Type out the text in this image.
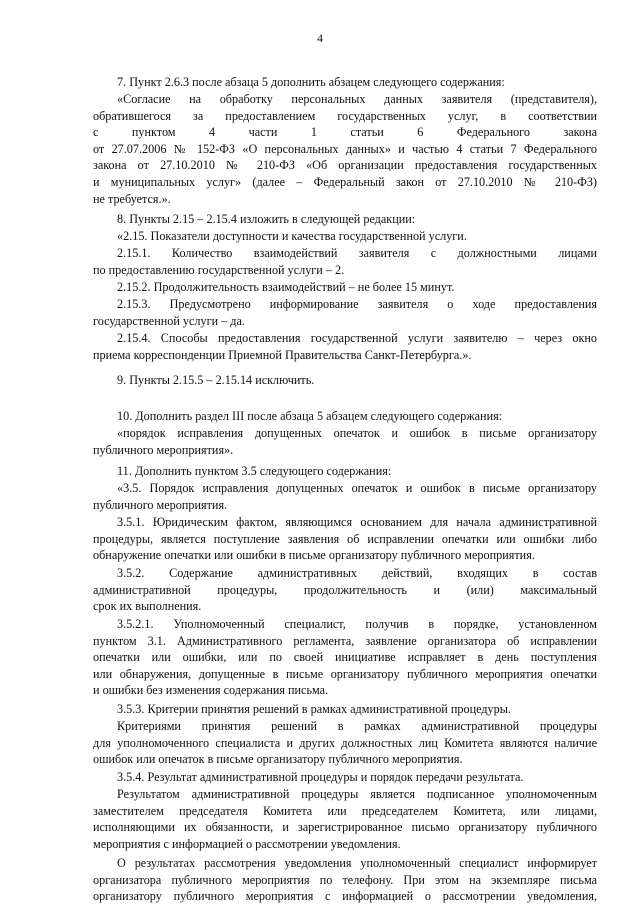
4
7. Пункт 2.6.3 после абзаца 5 дополнить абзацем следующего содержания:
«Согласие на обработку персональных данных заявителя (представителя),
обратившегося за предоставлением государственных услуг, в соответствии
с пунктом 4 части 1 статьи 6 Федерального закона
от 27.07.2006 № 152-ФЗ «О персональных данных» и частью 4 статьи 7 Федерального
закона от 27.10.2010 № 210-ФЗ «Об организации предоставления государственных
и муниципальных услуг» (далее – Федеральный закон от 27.10.2010 № 210-ФЗ)
не требуется.».
8. Пункты 2.15 – 2.15.4 изложить в следующей редакции:
«2.15. Показатели доступности и качества государственной услуги.
2.15.1. Количество взаимодействий заявителя с должностными лицами
по предоставлению государственной услуги – 2.
2.15.2. Продолжительность взаимодействий – не более 15 минут.
2.15.3. Предусмотрено информирование заявителя о ходе предоставления
государственной услуги – да.
2.15.4. Способы предоставления государственной услуги заявителю – через окно
приема корреспонденции Приемной Правительства Санкт-Петербурга.».
9. Пункты 2.15.5 – 2.15.14 исключить.
10. Дополнить раздел III после абзаца 5 абзацем следующего содержания:
«порядок исправления допущенных опечаток и ошибок в письме организатору
публичного мероприятия».
11. Дополнить пунктом 3.5 следующего содержания:
«3.5. Порядок исправления допущенных опечаток и ошибок в письме организатору
публичного мероприятия.
3.5.1. Юридическим фактом, являющимся основанием для начала административной
процедуры, является поступление заявления об исправлении опечатки или ошибки либо
обнаружение опечатки или ошибки в письме организатору публичного мероприятия.
3.5.2. Содержание административных действий, входящих в состав
административной процедуры, продолжительность и (или) максимальный
срок их выполнения.
3.5.2.1. Уполномоченный специалист, получив в порядке, установленном
пунктом 3.1. Административного регламента, заявление организатора об исправлении
опечатки или ошибки, или по своей инициативе исправляет в день поступления
или обнаружения, допущенные в письме организатору публичного мероприятия опечатки
и ошибки без изменения содержания письма.
3.5.3. Критерии принятия решений в рамках административной процедуры.
Критериями принятия решений в рамках административной процедуры
для уполномоченного специалиста и других должностных лиц Комитета являются наличие
ошибок или опечаток в письме организатору публичного мероприятия.
3.5.4. Результат административной процедуры и порядок передачи результата.
Результатом административной процедуры является подписанное уполномоченным
заместителем председателя Комитета или председателем Комитета, или лицами,
исполняющими их обязанности, и зарегистрированное письмо организатору публичного
мероприятия с информацией о рассмотрении уведомления.
О результатах рассмотрения уведомления уполномоченный специалист информирует
организатора публичного мероприятия по телефону. При этом на экземпляре письма
организатору публичного мероприятия с информацией о рассмотрении уведомления,
